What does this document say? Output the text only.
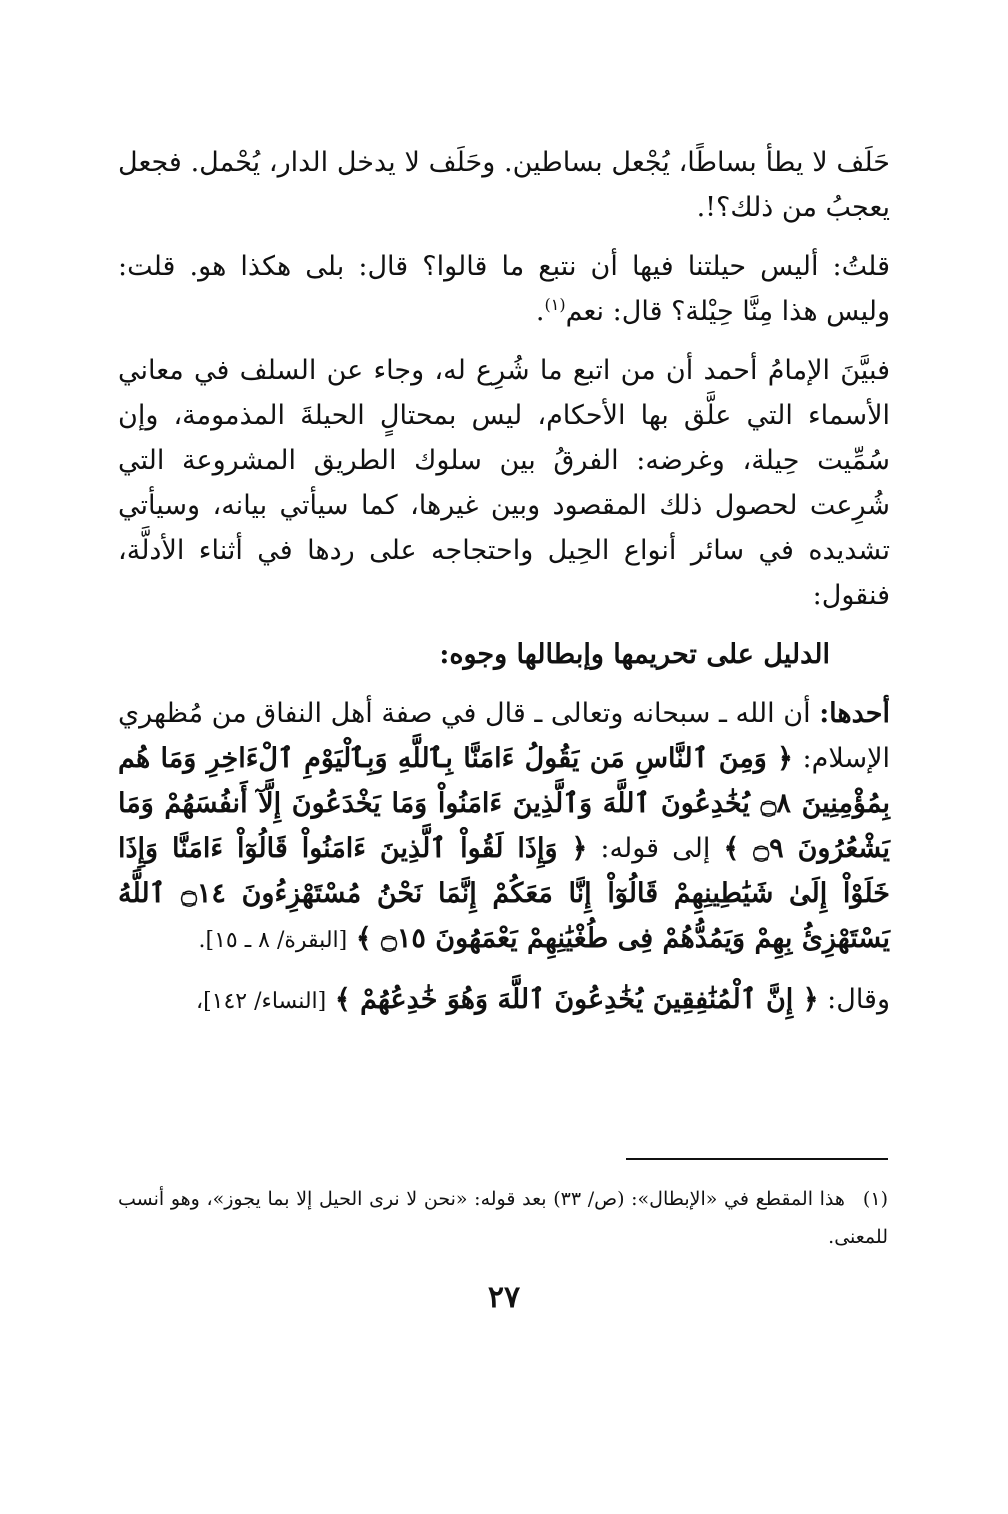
حَلَف لا يطأ بساطًا، يُجْعل بساطين. وحَلَف لا يدخل الدار، يُحْمل. فجعل يعجبُ من ذلك؟!.

قلتُ: أليس حيلتنا فيها أن نتبع ما قالوا؟ قال: بلى هكذا هو. قلت: وليس هذا مِنَّا حِيْلة؟ قال: نعم$^{(١)}$.

فبيَّنَ الإمامُ أحمد أن من اتبع ما شُرِع له، وجاء عن السلف في معاني الأسماء التي علَّق بها الأحكام، ليس بمحتالٍ الحيلةَ المذمومة، وإن سُمِّيت حِيلة، وغرضه: الفرقُ بين سلوك الطريق المشروعة التي شُرِعت لحصول ذلك المقصود وبين غيرها، كما سيأتي بيانه، وسيأتي تشديده في سائر أنواع الحِيل واحتجاجه على ردها في أثناء الأدلَّة، فنقول:

الدليل على تحريمها وإبطالها وجوه:

أحدها: أن الله ـ سبحانه وتعالى ـ قال في صفة أهل النفاق من مُظهري الإسلام: ﴿ وَمِنَ ٱلنَّاسِ مَن يَقُولُ ءَامَنَّا بِٱللَّهِ وَبِٱلْيَوْمِ ٱلْءَاخِرِ وَمَا هُم بِمُؤْمِنِينَ ۝٨ يُخَٰدِعُونَ ٱللَّهَ وَٱلَّذِينَ ءَامَنُواْ وَمَا يَخْدَعُونَ إِلَّآ أَنفُسَهُمْ وَمَا يَشْعُرُونَ ۝٩ ﴾ إلى قوله: ﴿ وَإِذَا لَقُواْ ٱلَّذِينَ ءَامَنُواْ قَالُوٓاْ ءَامَنَّا وَإِذَا خَلَوْاْ إِلَىٰ شَيَٰطِينِهِمْ قَالُوٓاْ إِنَّا مَعَكُمْ إِنَّمَا نَحْنُ مُسْتَهْزِءُونَ ۝١٤ ٱللَّهُ يَسْتَهْزِئُ بِهِمْ وَيَمُدُّهُمْ فِى طُغْيَٰنِهِمْ يَعْمَهُونَ ۝١٥ ﴾ [البقرة/ ٨ ـ ١٥].

وقال: ﴿ إِنَّ ٱلْمُنَٰفِقِينَ يُخَٰدِعُونَ ٱللَّهَ وَهُوَ خَٰدِعُهُمْ ﴾ [النساء/ ١٤٢]،

(١)هذا المقطع في «الإبطال»: (ص/ ٣٣) بعد قوله: «نحن لا نرى الحيل إلا بما يجوز»، وهو أنسب للمعنى.
٢٧
